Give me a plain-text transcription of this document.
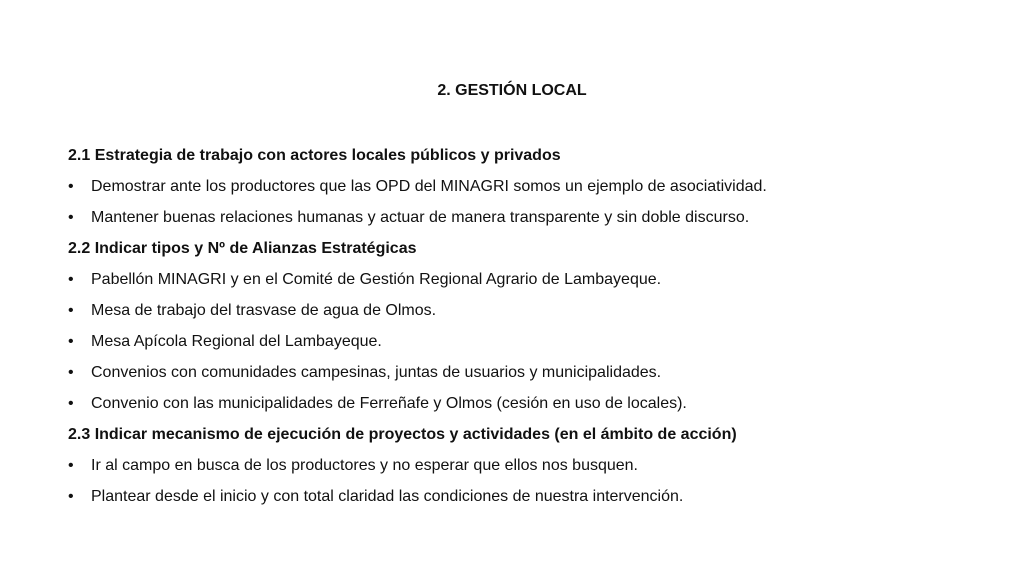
2. GESTIÓN LOCAL
2.1 Estrategia de trabajo con actores locales públicos y privados
• Demostrar ante los productores que las OPD del MINAGRI somos un ejemplo de asociatividad.
• Mantener buenas relaciones humanas y actuar de manera transparente y sin doble discurso.
2.2 Indicar tipos y Nº de Alianzas Estratégicas
• Pabellón MINAGRI y en el Comité de Gestión Regional Agrario de Lambayeque.
• Mesa de trabajo del trasvase de agua de Olmos.
• Mesa Apícola Regional del Lambayeque.
• Convenios con comunidades campesinas, juntas de usuarios y municipalidades.
• Convenio con las municipalidades de Ferreñafe y Olmos (cesión en uso de locales).
2.3 Indicar mecanismo de ejecución de proyectos y actividades (en el ámbito de acción)
• Ir al campo en busca de los productores y no esperar que ellos nos busquen.
• Plantear desde el inicio y con total claridad las condiciones de nuestra intervención.
